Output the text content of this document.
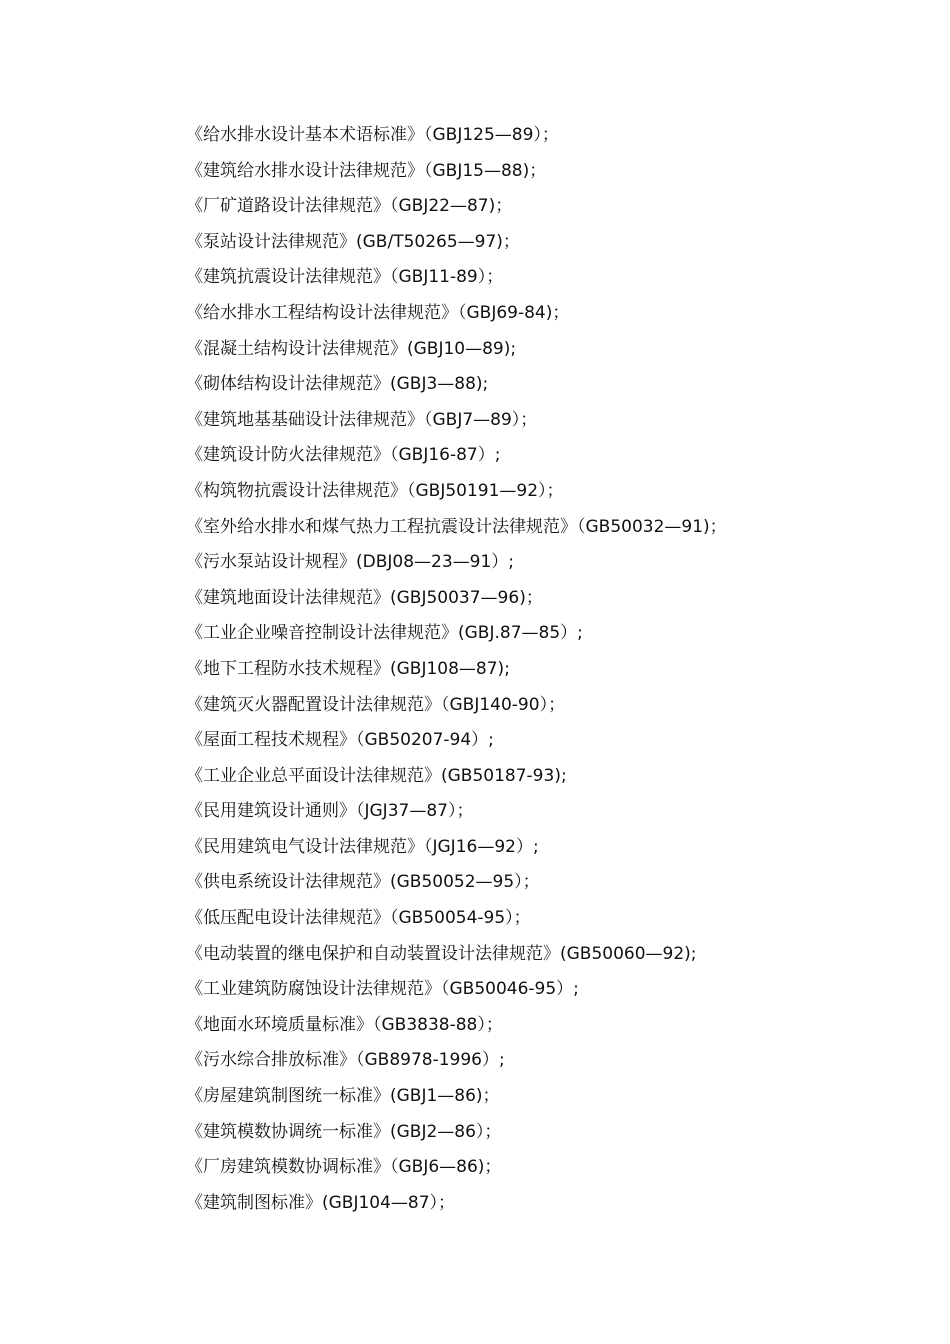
《给水排水设计基本术语标准》（GBJ125—89）；
《建筑给水排水设计法律规范》（GBJ15—88)；
《厂矿道路设计法律规范》（GBJ22—87)；
《泵站设计法律规范》(GB/T50265—97)；
《建筑抗震设计法律规范》（GBJ11-89）；
《给水排水工程结构设计法律规范》（GBJ69-84)；
《混凝土结构设计法律规范》(GBJ10—89);
《砌体结构设计法律规范》(GBJ3—88);
《建筑地基基础设计法律规范》（GBJ7—89）；
《建筑设计防火法律规范》（GBJ16-87）;
《构筑物抗震设计法律规范》（GBJ50191—92）；
《室外给水排水和煤气热力工程抗震设计法律规范》（GB50032—91)；
《污水泵站设计规程》(DBJ08—23—91）;
《建筑地面设计法律规范》(GBJ50037—96)；
《工业企业噪音控制设计法律规范》(GBJ.87—85）;
《地下工程防水技术规程》(GBJ108—87);
《建筑灭火器配置设计法律规范》（GBJ140-90）；
《屋面工程技术规程》（GB50207-94）;
《工业企业总平面设计法律规范》(GB50187-93);
《民用建筑设计通则》（JGJ37—87）；
《民用建筑电气设计法律规范》（JGJ16—92）;
《供电系统设计法律规范》(GB50052—95）；
《低压配电设计法律规范》（GB50054-95）；
《电动装置的继电保护和自动装置设计法律规范》(GB50060—92);
《工业建筑防腐蚀设计法律规范》（GB50046-95）;
《地面水环境质量标准》（GB3838-88）；
《污水综合排放标准》（GB8978-1996）;
《房屋建筑制图统一标准》(GBJ1—86)；
《建筑模数协调统一标准》(GBJ2—86）；
《厂房建筑模数协调标准》（GBJ6—86)；
《建筑制图标准》(GBJ104—87）；
